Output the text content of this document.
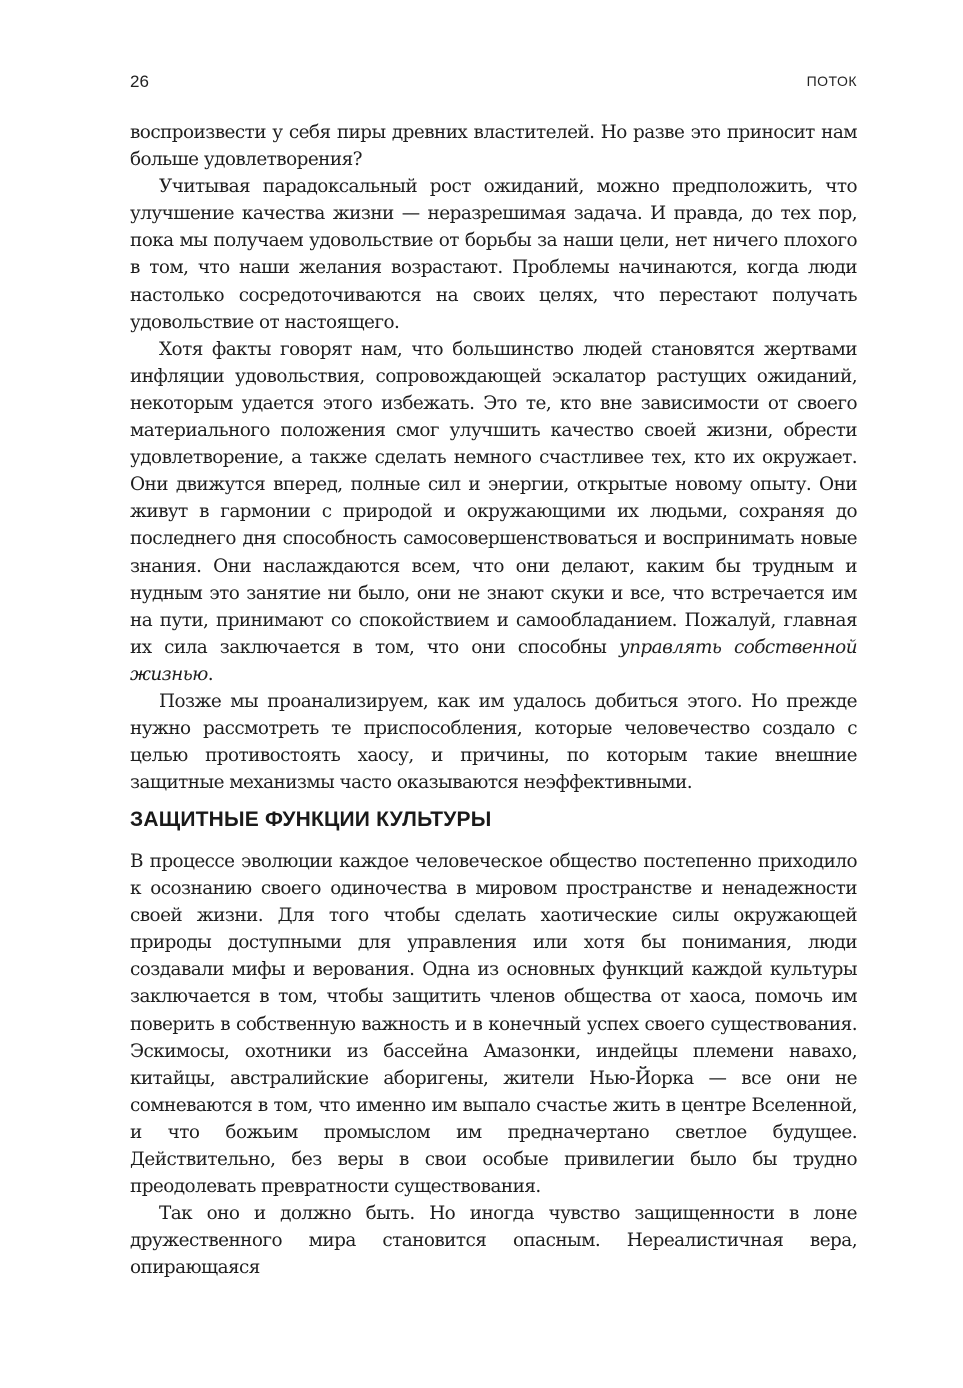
26	ПОТОК

воспроизвести у себя пиры древних властителей. Но разве это приносит нам больше удовлетворения?

Учитывая парадоксальный рост ожиданий, можно предположить, что улучшение качества жизни — неразрешимая задача. И правда, до тех пор, пока мы получаем удовольствие от борьбы за наши цели, нет ничего плохого в том, что наши желания возрастают. Проблемы начинаются, когда люди настолько сосредоточиваются на своих целях, что перестают получать удовольствие от настоящего.

Хотя факты говорят нам, что большинство людей становятся жертвами инфляции удовольствия, сопровождающей эскалатор растущих ожиданий, некоторым удается этого избежать. Это те, кто вне зависимости от своего материального положения смог улучшить качество своей жизни, обрести удовлетворение, а также сделать немного счастливее тех, кто их окружает. Они движутся вперед, полные сил и энергии, открытые новому опыту. Они живут в гармонии с природой и окружающими их людьми, сохраняя до последнего дня способность самосовершенствоваться и воспринимать новые знания. Они наслаждаются всем, что они делают, каким бы трудным и нудным это занятие ни было, они не знают скуки и все, что встречается им на пути, принимают со спокойствием и самообладанием. Пожалуй, главная их сила заключается в том, что они способны управлять собственной жизнью.

Позже мы проанализируем, как им удалось добиться этого. Но прежде нужно рассмотреть те приспособления, которые человечество создало с целью противостоять хаосу, и причины, по которым такие внешние защитные механизмы часто оказываются неэффективными.

ЗАЩИТНЫЕ ФУНКЦИИ КУЛЬТУРЫ

В процессе эволюции каждое человеческое общество постепенно приходило к осознанию своего одиночества в мировом пространстве и ненадежности своей жизни. Для того чтобы сделать хаотические силы окружающей природы доступными для управления или хотя бы понимания, люди создавали мифы и верования. Одна из основных функций каждой культуры заключается в том, чтобы защитить членов общества от хаоса, помочь им поверить в собственную важность и в конечный успех своего существования. Эскимосы, охотники из бассейна Амазонки, индейцы племени навахо, китайцы, австралийские аборигены, жители Нью-Йорка — все они не сомневаются в том, что именно им выпало счастье жить в центре Вселенной, и что божьим промыслом им предначертано светлое будущее. Действительно, без веры в свои особые привилегии было бы трудно преодолевать превратности существования.

Так оно и должно быть. Но иногда чувство защищенности в лоне дружественного мира становится опасным. Нереалистичная вера, опирающаяся
